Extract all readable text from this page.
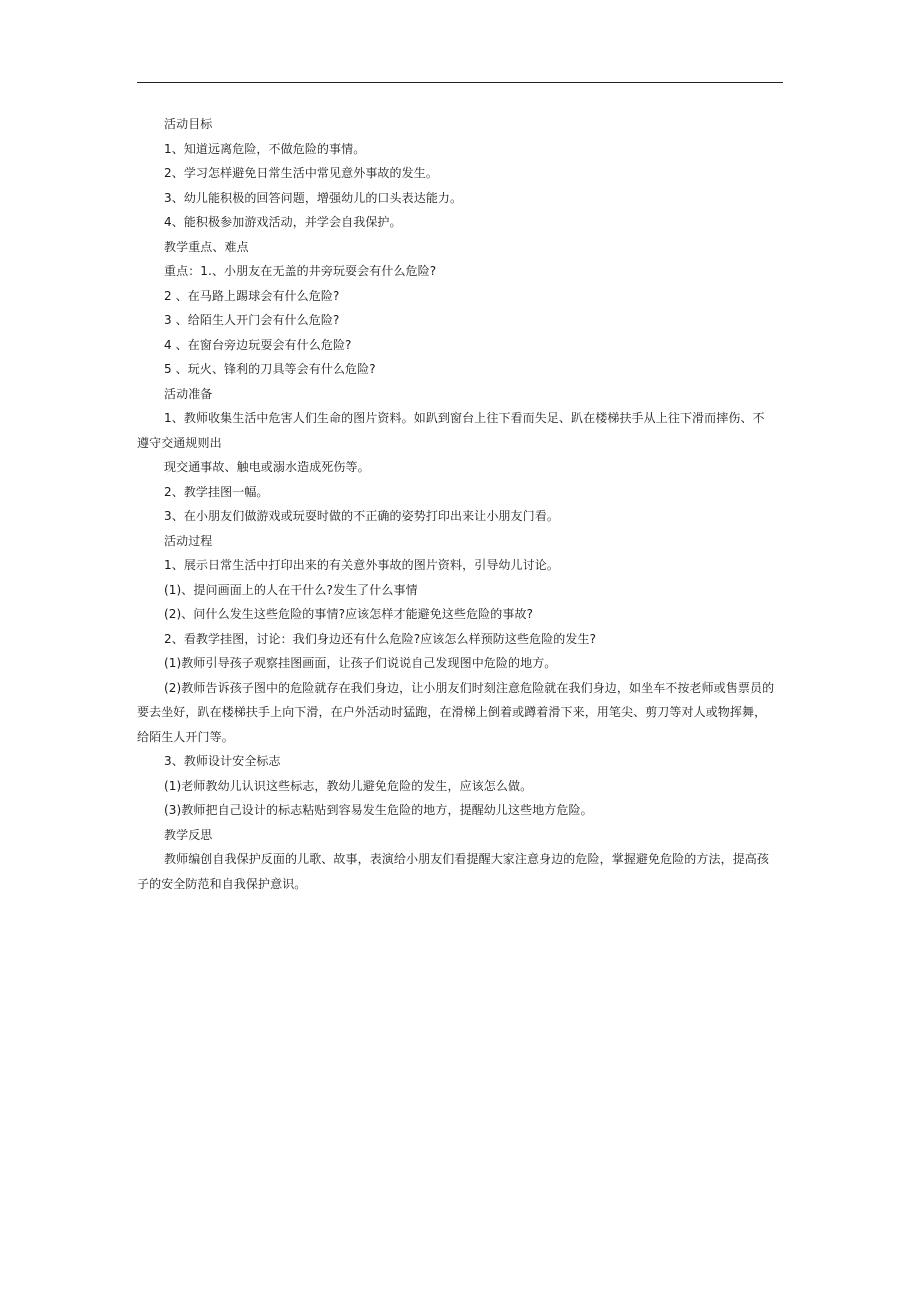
活动目标
1、知道远离危险，不做危险的事情。
2、学习怎样避免日常生活中常见意外事故的发生。
3、幼儿能积极的回答问题，增强幼儿的口头表达能力。
4、能积极参加游戏活动，并学会自我保护。
教学重点、难点
重点：1.、小朋友在无盖的井旁玩耍会有什么危险?
2 、在马路上踢球会有什么危险?
3 、给陌生人开门会有什么危险?
4 、在窗台旁边玩耍会有什么危险?
5 、玩火、锋利的刀具等会有什么危险?
活动准备
1、教师收集生活中危害人们生命的图片资料。如趴到窗台上往下看而失足、趴在楼梯扶手从上往下滑而摔伤、不
遵守交通规则出
现交通事故、触电或溺水造成死伤等。
2、教学挂图一幅。
3、在小朋友们做游戏或玩耍时做的不正确的姿势打印出来让小朋友门看。
活动过程
1、展示日常生活中打印出来的有关意外事故的图片资料，引导幼儿讨论。
(1)、提问画面上的人在干什么?发生了什么事情
(2)、问什么发生这些危险的事情?应该怎样才能避免这些危险的事故?
2、看教学挂图，讨论：我们身边还有什么危险?应该怎么样预防这些危险的发生?
(1)教师引导孩子观察挂图画面，让孩子们说说自己发现图中危险的地方。
(2)教师告诉孩子图中的危险就存在我们身边，让小朋友们时刻注意危险就在我们身边，如坐车不按老师或售票员的
要去坐好，趴在楼梯扶手上向下滑，在户外活动时猛跑，在滑梯上倒着或蹲着滑下来，用笔尖、剪刀等对人或物挥舞，
给陌生人开门等。
3、教师设计安全标志
(1)老师教幼儿认识这些标志，教幼儿避免危险的发生，应该怎么做。
(3)教师把自己设计的标志粘贴到容易发生危险的地方，提醒幼儿这些地方危险。
教学反思
教师编创自我保护反面的儿歌、故事，表演给小朋友们看提醒大家注意身边的危险，掌握避免危险的方法，提高孩
子的安全防范和自我保护意识。
